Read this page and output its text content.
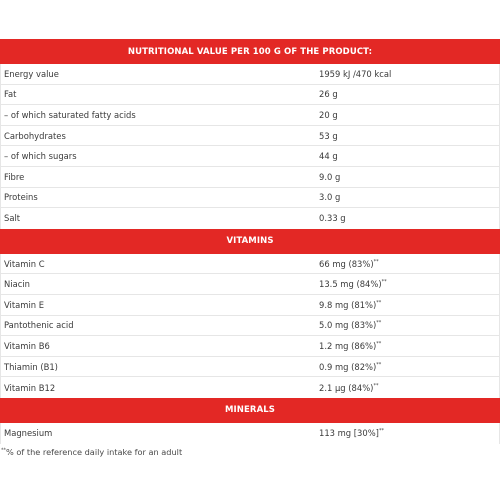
NUTRITIONAL VALUE PER 100 G OF THE PRODUCT:
Energy value	1959 kJ /470 kcal
Fat	26 g
– of which saturated fatty acids	20 g
Carbohydrates	53 g
– of which sugars	44 g
Fibre	9.0 g
Proteins	3.0 g
Salt	0.33 g
VITAMINS
Vitamin C	66 mg (83%)**
Niacin	13.5 mg (84%)**
Vitamin E	9.8 mg (81%)**
Pantothenic acid	5.0 mg (83%)**
Vitamin B6	1.2 mg (86%)**
Thiamin (B1)	0.9 mg (82%)**
Vitamin B12	2.1 µg (84%)**
MINERALS
Magnesium	113 mg [30%]**
**% of the reference daily intake for an adult
